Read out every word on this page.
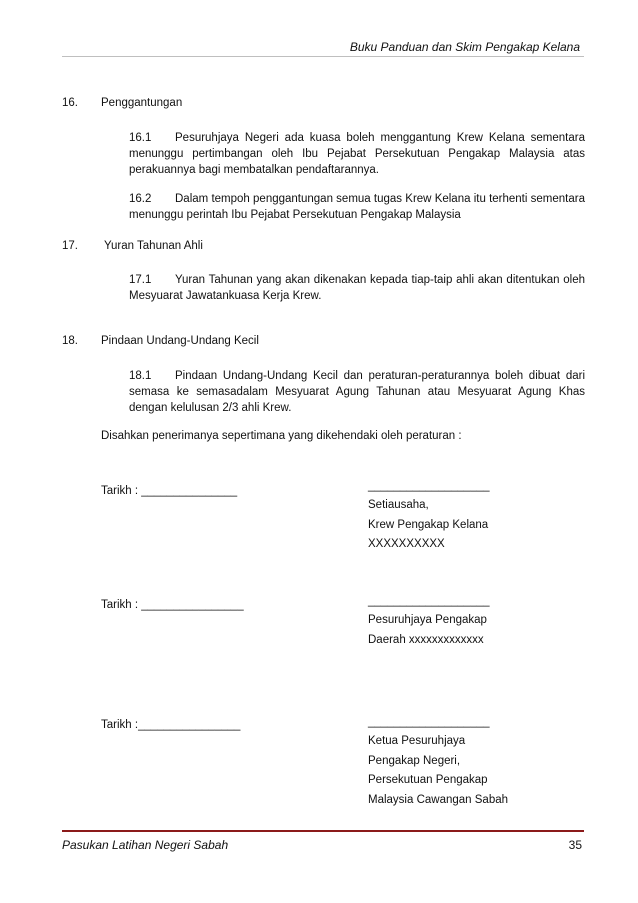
Buku Panduan dan Skim Pengakap Kelana
16. Penggantungan
16.1 Pesuruhjaya Negeri ada kuasa boleh menggantung Krew Kelana sementara menunggu pertimbangan oleh Ibu Pejabat Persekutuan Pengakap Malaysia atas perakuannya bagi membatalkan pendaftarannya.
16.2 Dalam tempoh penggantungan semua tugas Krew Kelana itu terhenti sementara menunggu perintah Ibu Pejabat Persekutuan Pengakap Malaysia
17. Yuran Tahunan Ahli
17.1 Yuran Tahunan yang akan dikenakan kepada tiap-taip ahli akan ditentukan oleh Mesyuarat Jawatankuasa Kerja Krew.
18. Pindaan Undang-Undang Kecil
18.1 Pindaan Undang-Undang Kecil dan peraturan-peraturannya boleh dibuat dari semasa ke semasadalam Mesyuarat Agung Tahunan atau Mesyuarat Agung Khas dengan kelulusan 2/3 ahli Krew.
Disahkan penerimanya sepertimana yang dikehendaki oleh peraturan :
Tarikh : _______________	___________________
Setiausaha,
Krew Pengakap Kelana
XXXXXXXXXX
Tarikh : ________________	___________________
Pesuruhjaya Pengakap
Daerah xxxxxxxxxxxxx
Tarikh :________________	___________________
Ketua Pesuruhjaya
Pengakap Negeri,
Persekutuan Pengakap
Malaysia Cawangan Sabah
Pasukan Latihan Negeri Sabah	35
